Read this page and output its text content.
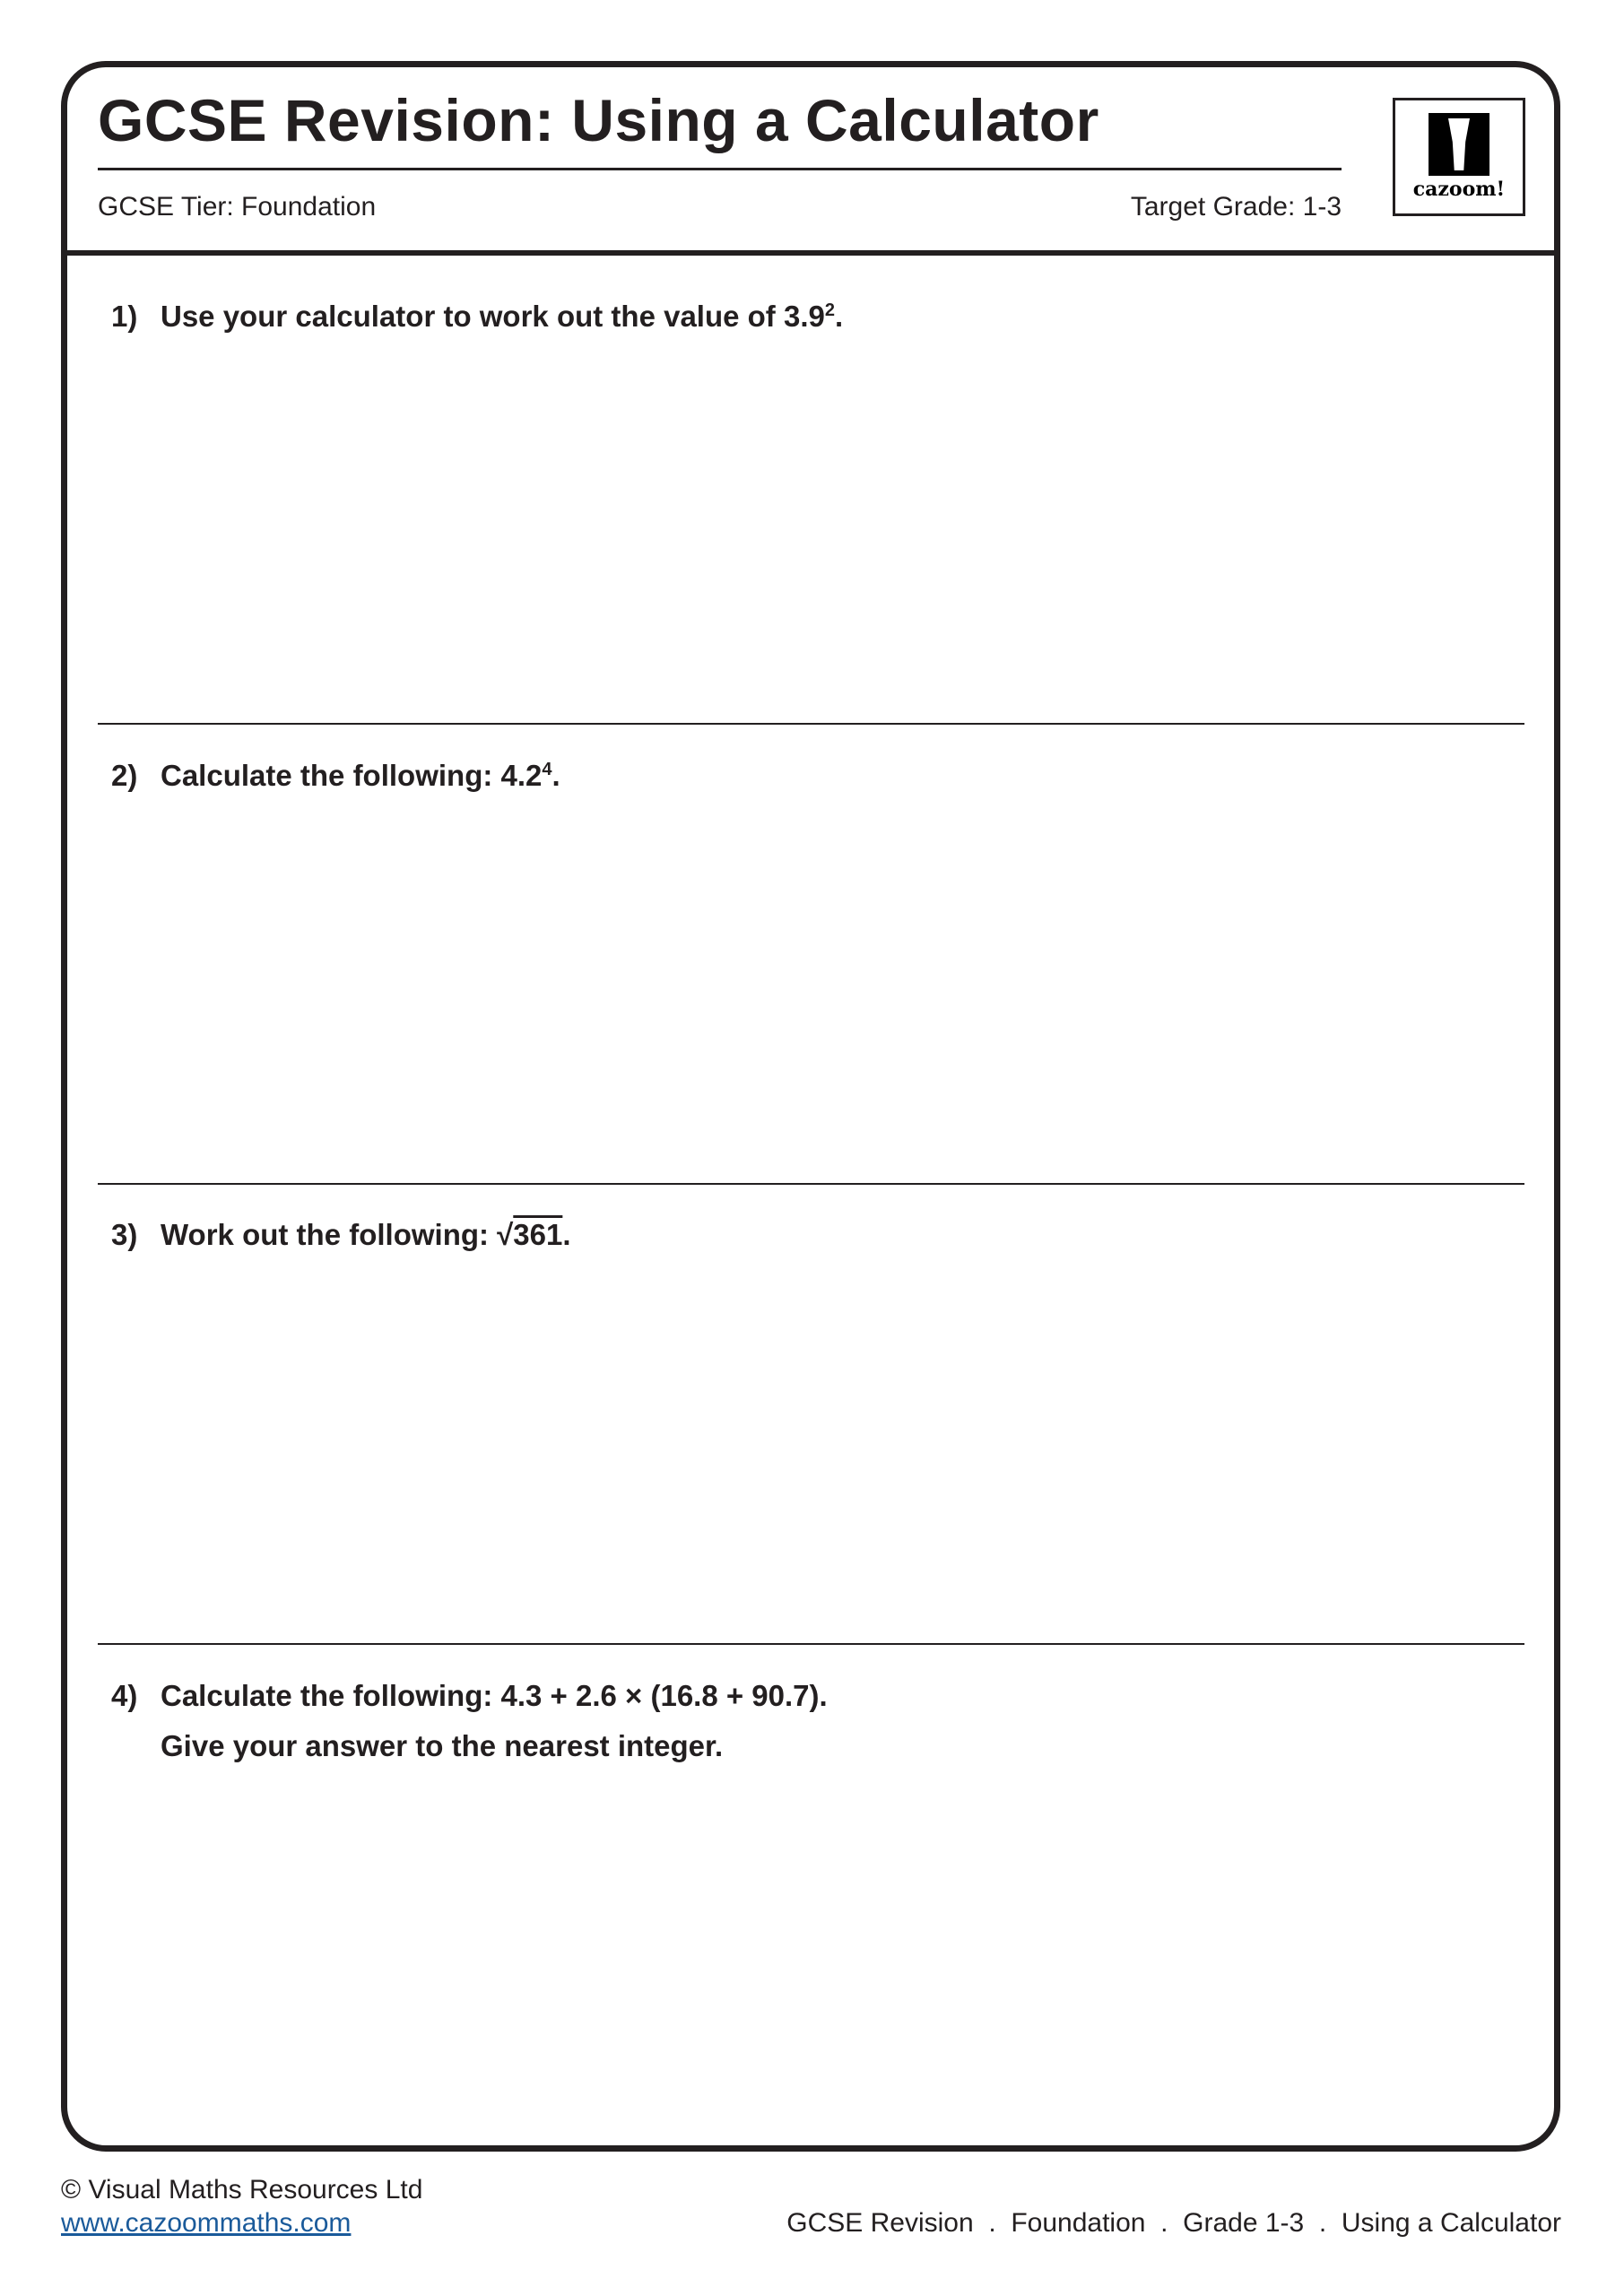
GCSE Revision: Using a Calculator
GCSE Tier: Foundation	Target Grade: 1-3
cazoom!
1) Use your calculator to work out the value of $3.9^2$.
2) Calculate the following: $4.2^4$.
3) Work out the following: √361.
4) Calculate the following: 4.3 + 2.6 × (16.8 + 90.7).
Give your answer to the nearest integer.
© Visual Maths Resources Ltd
www.cazoommaths.com	GCSE Revision  .  Foundation  .  Grade 1-3  .  Using a Calculator
